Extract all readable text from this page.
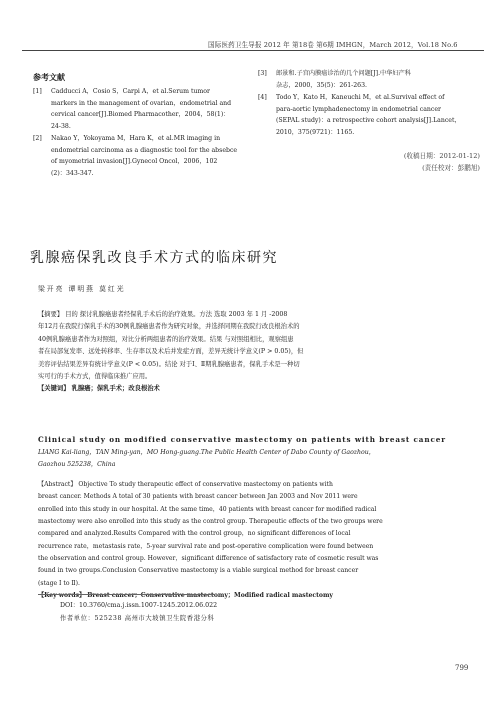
国际医药卫生导报 2012 年 第18卷 第6期 IMHGN，March 2012，Vol.18 No.6
参考文献
[1] Cadducci A，Cosio S，Carpi A，et al.Serum tumor
markers in the management of ovarian，endometrial and
cervical cancer[J].Biomed Pharmacother，2004，58(1)：
24-38.
[2] Nakao Y，Yokoyama M，Hara K，et al.MR imaging in
endometrial carcinoma as a diagnostic tool for the absebce
of myometrial invasion[J].Gynecol Oncol，2006，102
(2)：343-347.
[3] 郎景和.子宫内膜癌诊治的几个问题[J].中华妇产科
杂志，2000，35(5)：261-263.
[4] Todo Y，Kato H，Kaneuchi M，et al.Survival effect of
para-aortic lymphadenectomy in endometrial cancer
(SEPAL study)：a retrospective cohort analysis[J].Lancet，
2010，375(9721)：1165.
(收稿日期：2012-01-12)
(责任校对：彭鹏旭)
乳腺癌保乳改良手术方式的临床研究
梁开亮 谭明燕 莫红光
【摘要】 目的 探讨乳腺癌患者经保乳手术后的治疗效果。方法 选取 2003 年 1 月 -2008
年12月在我院行保乳手术的30例乳腺癌患者作为研究对象，并选择同期在我院行改良根治术的
40例乳腺癌患者作为对照组，对比分析两组患者的治疗效果。结果 与对照组相比，观察组患
者在局部复发率、远处转移率、生存率以及术后并发症方面，差异无统计学意义(P > 0.05)，但
美容评估结果差异有统计学意义(P < 0.05)。结论 对于Ⅰ、Ⅱ期乳腺癌患者，保乳手术是一种切
实可行的手术方式，值得临床推广应用。
【关键词】 乳腺癌；保乳手术；改良根治术
Clinical study on modified conservative mastectomy on patients with breast cancer
LIANG Kai-liang，TAN Ming-yan，MO Hong-guang.The Public Health Center of Dabo County of Gaozhou，
Gaozhou 525238，China
【Abstract】 Objective To study therapeutic effect of conservative mastectomy on patients with
breast cancer. Methods A total of 30 patients with breast cancer between Jan 2003 and Nov 2011 were
enrolled into this study in our hospital. At the same time，40 patients with breast cancer for modified radical
mastectomy were also enrolled into this study as the control group. Therapeutic effects of the two groups were
compared and analyzed.Results Compared with the control group，no significant differences of local
recurrence rate，metastasis rate，5-year survival rate and post-operative complication were found between
the observation and control group. However，significant difference of satisfactory rate of cosmetic result was
found in two groups.Conclusion Conservative mastectomy is a viable surgical method for breast cancer
(stage Ⅰ to Ⅱ).
【Key words】 Breast cancer；Conservative mastectomy；Modified radical mastectomy
DOI：10.3760/cma.j.issn.1007-1245.2012.06.022
作者单位：525238 高州市大坡镇卫生院香港分科
799
